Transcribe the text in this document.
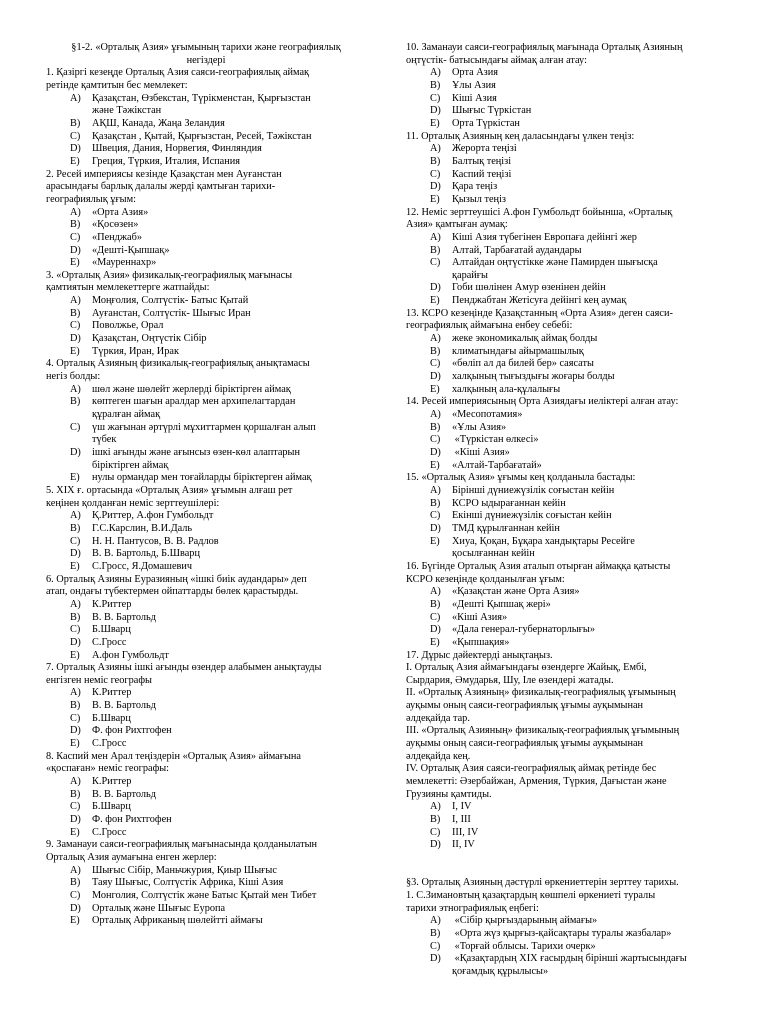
§1-2. «Орталық Азия» ұғымының тарихи және географиялық
негіздері
1. Қазіргі кезеңде Орталық Азия саяси-географиялық аймақ
ретінде қамтитын бес мемлекет:
A) Қазақстан, Өзбекстан, Түрікменстан, Қырғызстан
және Тәжікстан
B) АҚШ, Канада, Жаңа Зеландия
C) Қазақстан , Қытай, Қырғызстан, Ресей, Тәжікстан
D) Швеция, Дания, Норвегия, Финляндия
E) Греция, Түркия, Италия, Испания
2. Ресей империясы кезінде Қазақстан мен Ауғанстан
арасындағы барлық далалы жерді қамтыған тарихи-
географиялық ұғым:
A) «Орта Азия»
B) «Қосөзен»
C) «Пенджаб»
D) «Дешті-Қыпшақ»
E) «Мауреннахр»
3. «Орталық Азия» физикалық-географиялық мағынасы
қамтиятын мемлекеттерге жатпайды:
A) Моңғолия, Солтүстік- Батыс Қытай
B) Ауғанстан, Солтүстік- Шығыс Иран
C) Поволжье, Орал
D) Қазақстан, Оңтүстік Сібір
E) Түркия, Иран, Ирак
4. Орталық Азияның физикалық-географиялық анықтамасы
негіз болды:
A) шөл және шөлейт жерлерді біріктірген аймақ
B) көптеген шағын аралдар мен архипелагтардан
құралған аймақ
C) үш жағынан әртүрлі мұхиттармен қоршалған алып
түбек
D) ішкі ағынды және ағынсыз өзен-көл алаптарын
біріктірген аймақ
E) нулы ормандар мен тоғайларды біріктерген аймақ
5. XIX ғ. ортасында «Орталық Азия» ұғымын алғаш рет
кеңінен қолданған неміс зерттеушілері:
A) Қ.Риттер, А.фон Гумбольдт
B) Г.С.Карслин, В.И.Даль
C) Н. Н. Пантусов, В. В. Радлов
D) В. В. Бартольд, Б.Шварц
E) С.Гросс, Я.Домашевич
6. Орталық Азияны Еуразияның «ішкі биік аудандары» деп
атап, ондағы түбектермен ойпаттарды бөлек қарастырды.
A) К.Риттер
B) В. В. Бартольд
C) Б.Шварц
D) С.Гросс
E) А.фон Гумбольдт
7. Орталық Азияны ішкі ағынды өзендер алабымен анықтауды
енгізген неміс географы
A) К.Риттер
B) В. В. Бартольд
C) Б.Шварц
D) Ф. фон Рихтгофен
E) С.Гросс
8. Каспий мен Арал теңіздерін «Орталық Азия» аймағына
«қоспаған» неміс географы:
A) К.Риттер
B) В. В. Бартольд
C) Б.Шварц
D) Ф. фон Рихтгофен
E) С.Гросс
9. Заманауи саяси-географиялық мағынасында қолданылатын
Орталық Азия аумағына енген жерлер:
A) Шығыс Сібір, Маньчжурия, Қиыр Шығыс
B) Таяу Шығыс, Солтүстік Африка, Кіші Азия
C) Монголия, Солтүстік және Батыс Қытай мен Тибет
D) Орталық және Шығыс Еуропа
E) Орталық Африканың шөлейтті аймағы
10. Заманауи саяси-географиялық мағынада Орталық Азияның
оңтүстік- батысындағы аймақ алған атау:
A) Орта Азия
B) Ұлы Азия
C) Кіші Азия
D) Шығыс Түркістан
E) Орта Түркістан
11. Орталық Азияның кең даласындағы үлкен теңіз:
A) Жерорта теңізі
B) Балтық теңізі
C) Каспий теңізі
D) Қара теңіз
E) Қызыл теңіз
12. Неміс зерттеушісі А.фон Гумбольдт бойынша, «Орталық
Азия» қамтыған аумақ:
A) Кіші Азия түбегінен Европаға дейінгі жер
B) Алтай, Тарбағатай аудандары
C) Алтайдан оңтүстікке және Памирден шығысқа
қарайғы
D) Гоби шөлінен Амур өзенінен дейін
E) Пенджабтан Жетісуға дейінгі кең аумақ
13. КСРО кезеңінде Қазақстанның «Орта Азия» деген саяси-
географиялық аймағына енбеу себебі:
A) жеке экономикалық аймақ болды
B) климатындағы айырмашылық
C) «бөліп ал да билей бер» саясаты
D) халқының тығыздығы жоғары болды
E) халқының ала-құлалығы
14. Ресей империясының Орта Азиядағы иеліктері алған атау:
A) «Месопотамия»
B) «Ұлы Азия»
C) «Түркістан өлкесі»
D) «Кіші Азия»
E) «Алтай-Тарбағатай»
15. «Орталық Азия» ұғымы кең қолданыла бастады:
A) Бірінші дүниежүзілік соғыстан кейін
B) КСРО ыдырағаннан кейін
C) Екінші дүниежүзілік соғыстан кейін
D) ТМД құрылғаннан кейін
E) Хиуа, Қоқан, Бұқара хандықтары Ресейге
қосылғаннан кейін
16. Бүгінде Орталық Азия аталып отырған аймаққа қатысты
КСРО кезеңінде қолданылған ұғым:
A) «Қазақстан және Орта Азия»
B) «Дешті Қыпшақ жері»
C) «Кіші Азия»
D) «Дала генерал-губернаторлығы»
E) «Қыпшақия»
17. Дұрыс дәйектерді анықтаңыз.
I. Орталық Азия аймағындағы өзендерге Жайық, Ембі,
Сырдария, Әмударья, Шу, Іле өзендері жатады.
II. «Орталық Азияның» физикалық-географиялық ұғымының
ауқымы оның саяси-географиялық ұғымы ауқымынан
әлдеқайда тар.
III. «Орталық Азияның» физикалық-географиялық ұғымының
ауқымы оның саяси-географиялық ұғымы ауқымынан
әлдеқайда кең.
IV. Орталық Азия саяси-географиялық аймақ ретінде бес
мемлекетті: Әзербайжан, Армения, Түркия, Дағыстан және
Грузияны қамтиды.
A) I, IV
B) I, III
C) III, IV
D) II, IV
§3. Орталық Азияның дәстүрлі өркениеттерін зерттеу тарихы.
1. С.Зимановтың қазақтардың көшпелі өркениеті туралы
тарихи этнографиялық еңбегі:
A) «Сібір қырғыздарының аймағы»
B) «Орта жүз қырғыз-қайсақтары туралы жазбалар»
C) «Торғай облысы. Тарихи очерк»
D) «Қазақтардың ХІХ ғасырдың бірінші жартысындағы
қоғамдық құрылысы»
